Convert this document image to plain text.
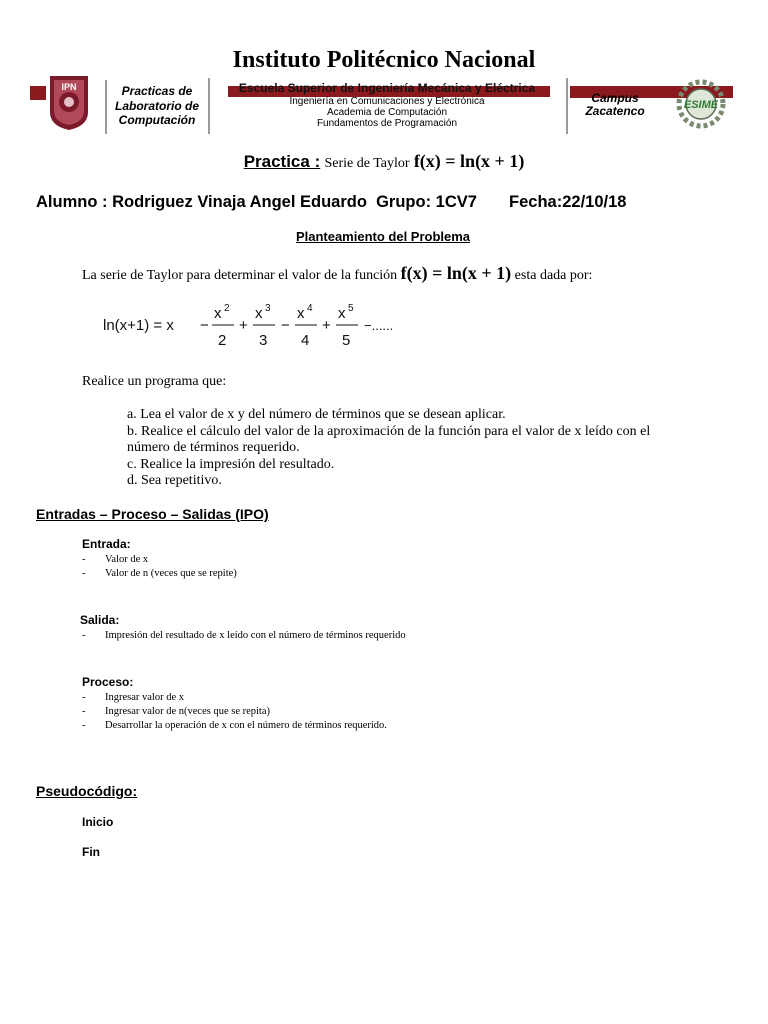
Instituto Politécnico Nacional
IPN	Practicas de
Laboratorio de
Computación
Escuela Superior de Ingeniería Mecánica y Eléctrica
Ingeniería en Comunicaciones y Electrónica
Academia de Computación
Fundamentos de Programación
Campus
Zacatenco	ESIME
Practica : Serie de Taylor f(x) = ln(x + 1)
Alumno : Rodriguez Vinaja Angel Eduardo  Grupo: 1CV7       Fecha:22/10/18
Planteamiento del Problema
La serie de Taylor para determinar el valor de la función f(x) = ln(x + 1) esta dada por:
ln(x+1) = x −
x 2
2
+
x 3
3
−
x 4
4
+
x 5
5
−......
Realice un programa que:
a. Lea el valor de x y del número de términos que se desean aplicar.
b. Realice el cálculo del valor de la aproximación de la función para el valor de x leído con el
número de términos requerido.
c. Realice la impresión del resultado.
d. Sea repetitivo.
Entradas – Proceso – Salidas (IPO)
Entrada:
- Valor de x
- Valor de n (veces que se repite)
Salida:
- Impresión del resultado de x leído con el número de términos requerido
Proceso:
- Ingresar valor de x
- Ingresar valor de n(veces que se repita)
- Desarrollar la operación de x con el número de términos requerido.
Pseudocódigo:
Inicio
Fin
